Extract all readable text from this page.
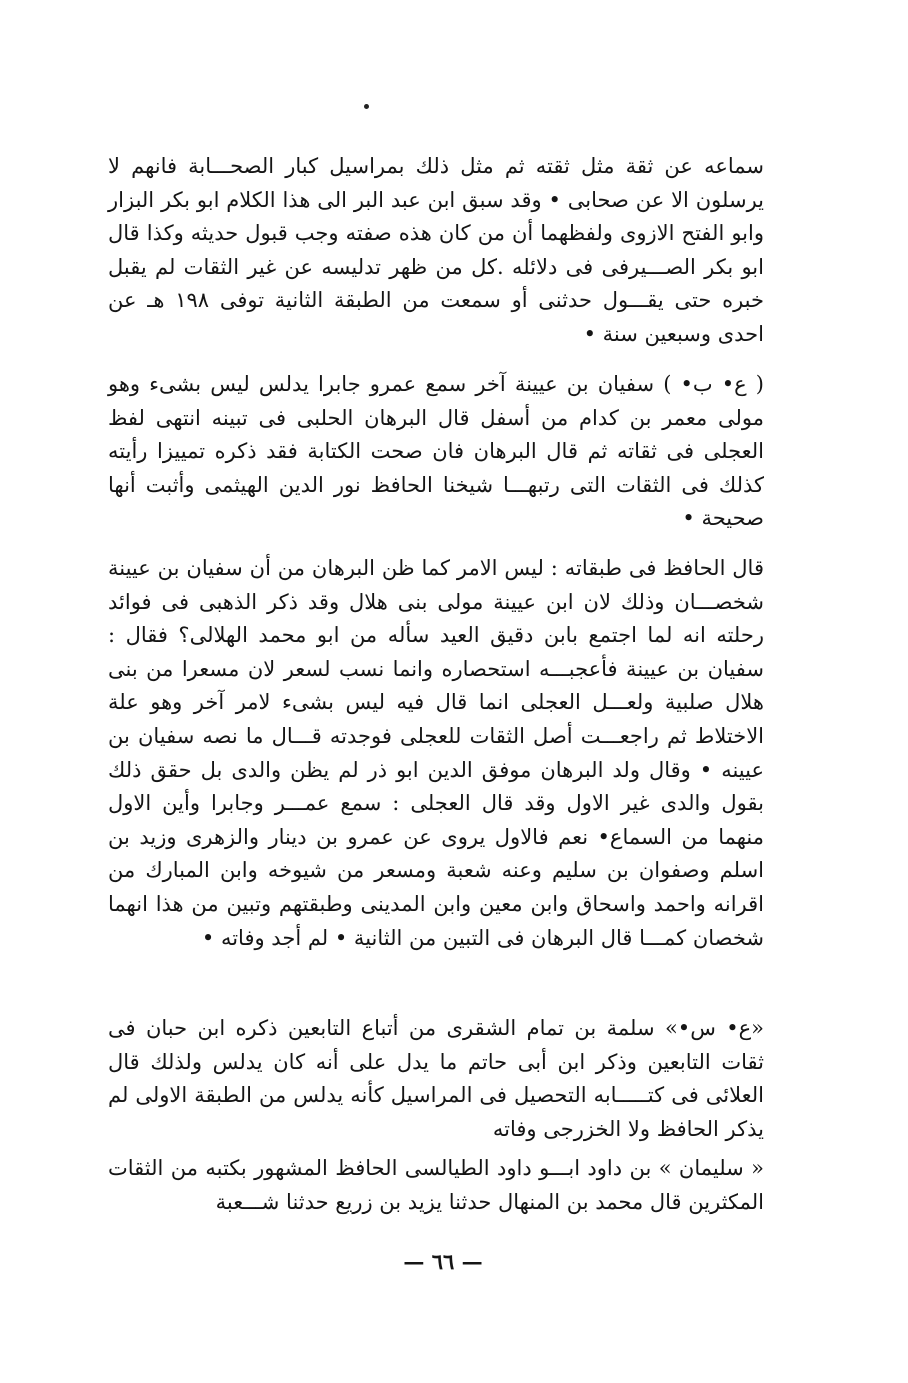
سماعه عن ثقة مثل ثقته ثم مثل ذلك بمراسيل كبار الصحـــابة فانهم لا يرسلون الا عن صحابى • وقد سبق ابن عبد البر الى هذا الكلام ابو بكر البزار وابو الفتح الازوى ولفظهما أن من كان هذه صفته وجب قبول حديثه وكذا قال ابو بكر الصـــيرفى فى دلائله .كل من ظهر تدليسه عن غير الثقات لم يقبل خبره حتى يقـــول حدثنى أو سمعت من الطبقة الثانية توفى ١٩٨ هـ عن احدى وسبعين سنة •
( ع• ب• ) سفيان بن عيينة آخر سمع عمرو جابرا يدلس ليس بشىء وهو مولى معمر بن كدام من أسفل قال البرهان الحلبى فى تبينه انتهى لفظ العجلى فى ثقاته ثم قال البرهان فان صحت الكتابة فقد ذكره تمييزا رأيته كذلك فى الثقات التى رتبهـــا شيخنا الحافظ نور الدين الهيثمى وأثبت أنها صحيحة •
قال الحافظ فى طبقاته : ليس الامر كما ظن البرهان من أن سفيان بن عيينة شخصـــان وذلك لان ابن عيينة مولى بنى هلال وقد ذكر الذهبى فى فوائد رحلته انه لما اجتمع بابن دقيق العيد سأله من ابو محمد الهلالى؟ فقال : سفيان بن عيينة فأعجبـــه استحصاره وانما نسب لسعر لان مسعرا من بنى هلال صلبية ولعـــل العجلى انما قال فيه ليس بشىء لامر آخر وهو علة الاختلاط ثم راجعـــت أصل الثقات للعجلى فوجدته قـــال ما نصه سفيان بن عيينه • وقال ولد البرهان موفق الدين ابو ذر لم يظن والدى بل حقق ذلك بقول والدى غير الاول وقد قال العجلى : سمع عمـــر وجابرا وأين الاول منهما من السماع• نعم فالاول يروى عن عمرو بن دينار والزهرى وزيد بن اسلم وصفوان بن سليم وعنه شعبة ومسعر من شيوخه وابن المبارك من اقرانه واحمد واسحاق وابن معين وابن المدينى وطبقتهم وتبين من هذا انهما شخصان كمـــا قال البرهان فى التبين من الثانية • لم أجد وفاته •
«ع• س•» سلمة بن تمام الشقرى من أتباع التابعين ذكره ابن حبان فى ثقات التابعين وذكر ابن أبى حاتم ما يدل على أنه كان يدلس ولذلك قال العلائى فى كتـــــابه التحصيل فى المراسيل كأنه يدلس من الطبقة الاولى لم يذكر الحافظ ولا الخزرجى وفاته
« سليمان » بن داود ابـــو داود الطيالسى الحافظ المشهور بكتبه من الثقات المكثرين قال محمد بن المنهال حدثنا يزيد بن زريع حدثنا شـــعبة
— ٦٦ —
